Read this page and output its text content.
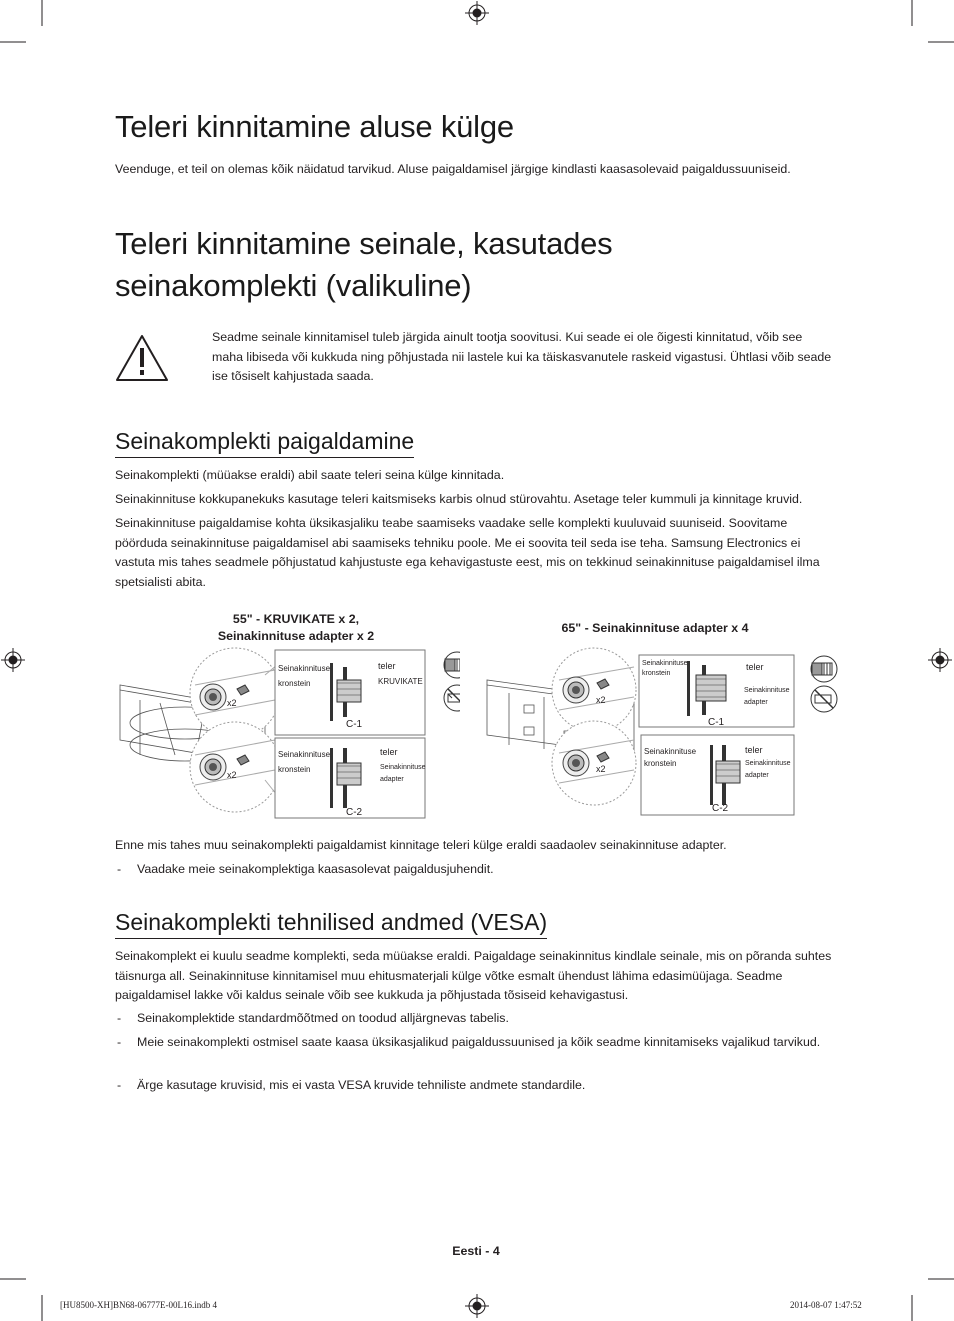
Teleri kinnitamine aluse külge

Veenduge, et teil on olemas kõik näidatud tarvikud. Aluse paigaldamisel järgige kindlasti kaasasolevaid paigaldussuuniseid.

Teleri kinnitamine seinale, kasutades
seinakomplekti (valikuline)

Seadme seinale kinnitamisel tuleb järgida ainult tootja soovitusi. Kui seade ei ole õigesti kinnitatud, võib see maha libiseda või kukkuda ning põhjustada nii lastele kui ka täiskasvanutele raskeid vigastusi. Ühtlasi võib seade ise tõsiselt kahjustada saada.

Seinakomplekti paigaldamine

Seinakomplekti (müüakse eraldi) abil saate teleri seina külge kinnitada.

Seinakinnituse kokkupanekuks kasutage teleri kaitsmiseks karbis olnud stürovahtu. Asetage teler kummuli ja kinnitage kruvid.

Seinakinnituse paigaldamise kohta üksikasjaliku teabe saamiseks vaadake selle komplekti kuuluvaid suuniseid. Soovitame pöörduda seinakinnituse paigaldamisel abi saamiseks tehniku poole. Me ei soovita teil seda ise teha. Samsung Electronics ei vastuta mis tahes seadmele põhjustatud kahjustuste ega kehavigastuste eest, mis on tekkinud seinakinnituse paigaldamisel ilma spetsialisti abita.

55" - KRUVIKATE x 2,
Seinakinnituse adapter x 2
65" - Seinakinnituse adapter x 4
x2
x2
Seinakinnituse
kronstein
teler
KRUVIKATE
C-1
Seinakinnituse
kronstein
teler
Seinakinnituse
adapter
C-2
x2
x2
Seinakinnituse
kronstein
teler
Seinakinnituse
adapter
C-1
Seinakinnituse
kronstein
teler
Seinakinnituse
adapter
C-2

Enne mis tahes muu seinakomplekti paigaldamist kinnitage teleri külge eraldi saadaolev seinakinnituse adapter.

- Vaadake meie seinakomplektiga kaasasolevat paigaldusjuhendit.
Seinakomplekti tehnilised andmed (VESA)

Seinakomplekt ei kuulu seadme komplekti, seda müüakse eraldi. Paigaldage seinakinnitus kindlale seinale, mis on põranda suhtes täisnurga all. Seinakinnituse kinnitamisel muu ehitusmaterjali külge võtke esmalt ühendust lähima edasimüüjaga. Seadme paigaldamisel lakke või kaldus seinale võib see kukkuda ja põhjustada tõsiseid kehavigastusi.

- Seinakomplektide standardmõõtmed on toodud alljärgnevas tabelis.
- Meie seinakomplekti ostmisel saate kaasa üksikasjalikud paigaldussuunised ja kõik seadme kinnitamiseks vajalikud tarvikud.
- Ärge kasutage kruvisid, mis ei vasta VESA kruvide tehniliste andmete standardile.
Eesti - 4
[HU8500-XH]BN68-06777E-00L16.indb 4	2014-08-07 1:47:52
